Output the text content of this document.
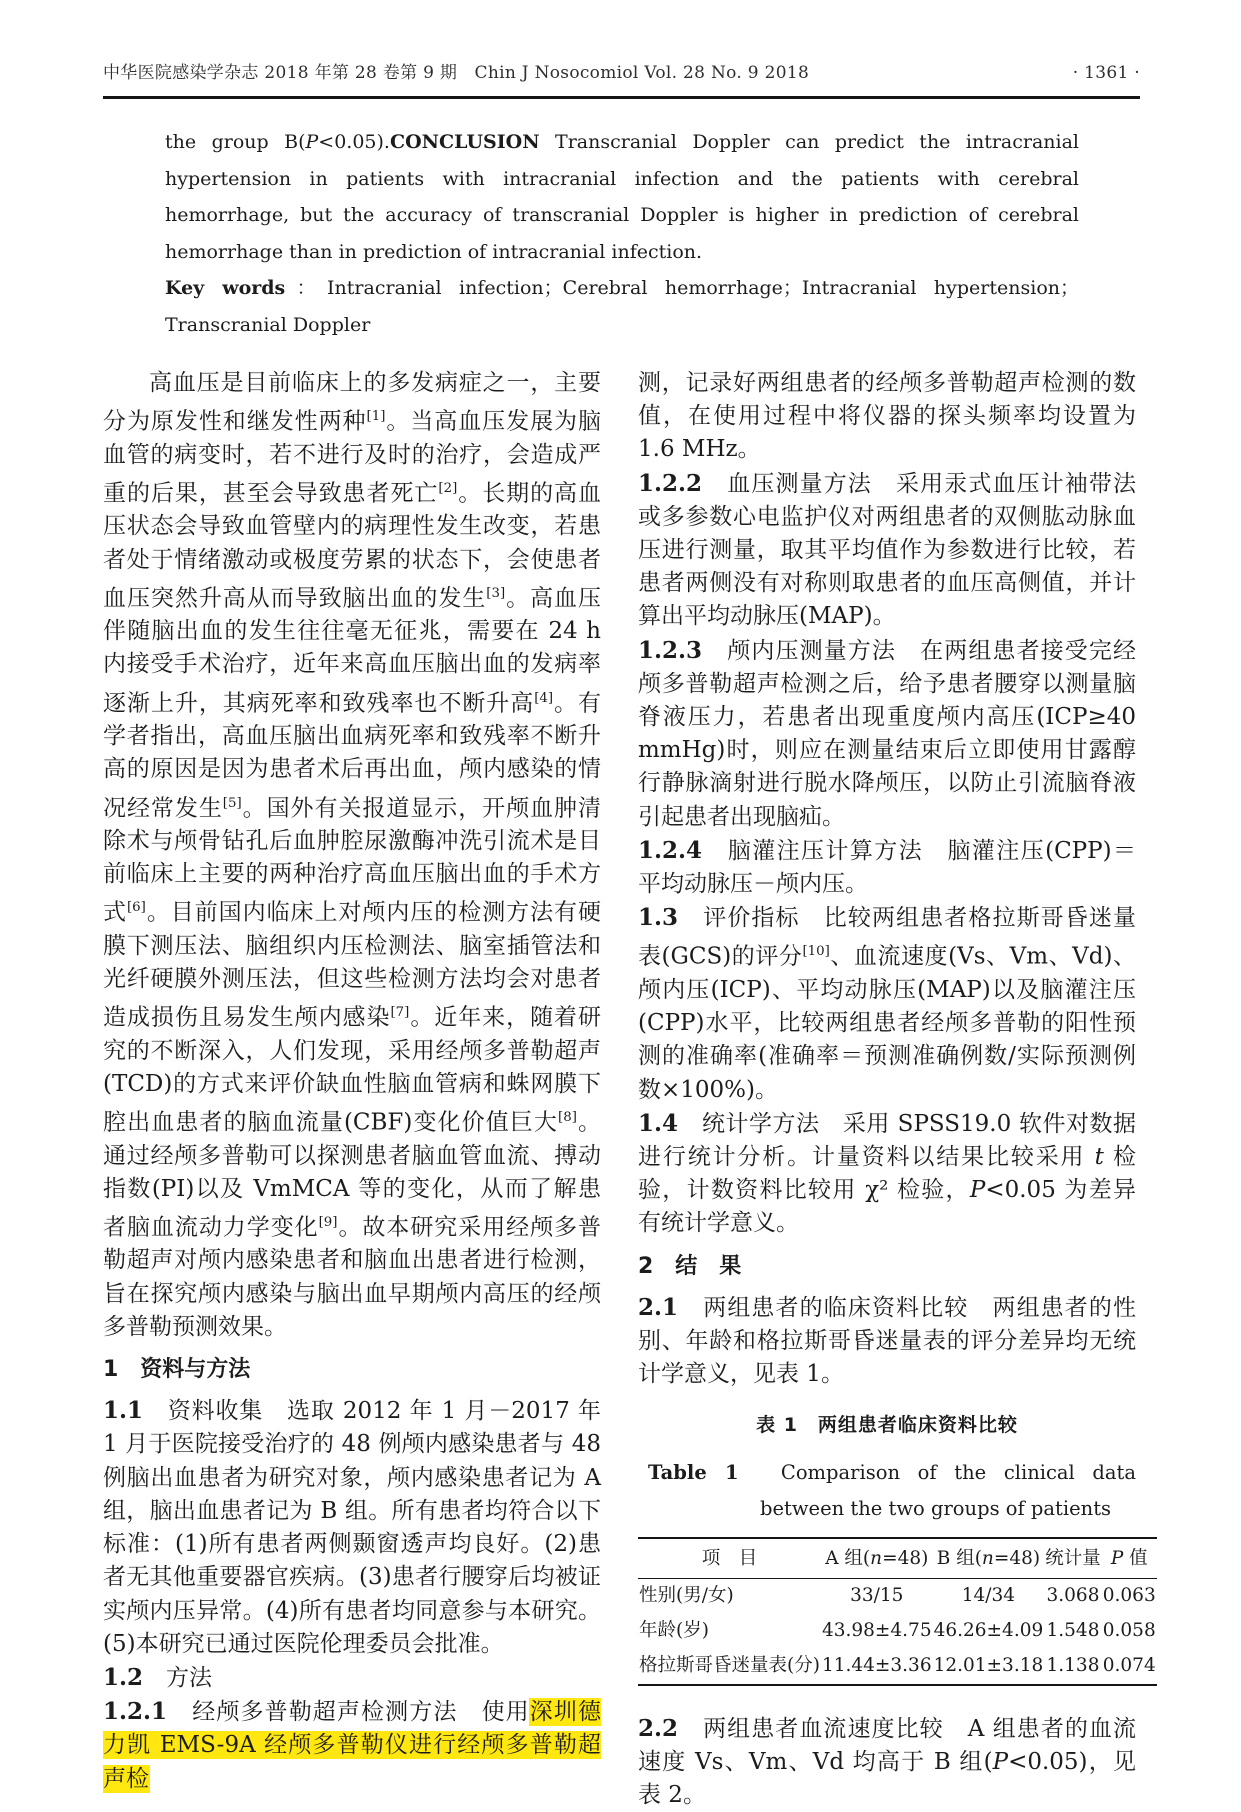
中华医院感染学杂志 2018 年第 28 卷第 9 期　Chin J Nosocomiol Vol. 28 No. 9 2018	· 1361 ·

the group B(P<0.05).CONCLUSION Transcranial Doppler can predict the intracranial hypertension in patients with intracranial infection and the patients with cerebral hemorrhage, but the accuracy of transcranial Doppler is higher in prediction of cerebral hemorrhage than in prediction of intracranial infection.

Key words：Intracranial infection；Cerebral hemorrhage；Intracranial hypertension；Transcranial Doppler

高血压是目前临床上的多发病症之一，主要分为原发性和继发性两种[1]。当高血压发展为脑血管的病变时，若不进行及时的治疗，会造成严重的后果，甚至会导致患者死亡[2]。长期的高血压状态会导致血管壁内的病理性发生改变，若患者处于情绪激动或极度劳累的状态下，会使患者血压突然升高从而导致脑出血的发生[3]。高血压伴随脑出血的发生往往毫无征兆，需要在 24 h 内接受手术治疗，近年来高血压脑出血的发病率逐渐上升，其病死率和致残率也不断升高[4]。有学者指出，高血压脑出血病死率和致残率不断升高的原因是因为患者术后再出血，颅内感染的情况经常发生[5]。国外有关报道显示，开颅血肿清除术与颅骨钻孔后血肿腔尿激酶冲洗引流术是目前临床上主要的两种治疗高血压脑出血的手术方式[6]。目前国内临床上对颅内压的检测方法有硬膜下测压法、脑组织内压检测法、脑室插管法和光纤硬膜外测压法，但这些检测方法均会对患者造成损伤且易发生颅内感染[7]。近年来，随着研究的不断深入，人们发现，采用经颅多普勒超声(TCD)的方式来评价缺血性脑血管病和蛛网膜下腔出血患者的脑血流量(CBF)变化价值巨大[8]。通过经颅多普勒可以探测患者脑血管血流、搏动指数(PI)以及 VmMCA 等的变化，从而了解患者脑血流动力学变化[9]。故本研究采用经颅多普勒超声对颅内感染患者和脑血出患者进行检测，旨在探究颅内感染与脑出血早期颅内高压的经颅多普勒预测效果。

1　资料与方法

1.1　资料收集　选取 2012 年 1 月－2017 年 1 月于医院接受治疗的 48 例颅内感染患者与 48 例脑出血患者为研究对象，颅内感染患者记为 A 组，脑出血患者记为 B 组。所有患者均符合以下标准：(1)所有患者两侧颞窗透声均良好。(2)患者无其他重要器官疾病。(3)患者行腰穿后均被证实颅内压异常。(4)所有患者均同意参与本研究。(5)本研究已通过医院伦理委员会批准。

1.2　方法

1.2.1　经颅多普勒超声检测方法　使用深圳德力凯 EMS-9A 经颅多普勒仪进行经颅多普勒超声检

测，记录好两组患者的经颅多普勒超声检测的数值，在使用过程中将仪器的探头频率均设置为 1.6 MHz。

1.2.2　血压测量方法　采用汞式血压计袖带法或多参数心电监护仪对两组患者的双侧肱动脉血压进行测量，取其平均值作为参数进行比较，若患者两侧没有对称则取患者的血压高侧值，并计算出平均动脉压(MAP)。

1.2.3　颅内压测量方法　在两组患者接受完经颅多普勒超声检测之后，给予患者腰穿以测量脑脊液压力，若患者出现重度颅内高压(ICP≥40 mmHg)时，则应在测量结束后立即使用甘露醇行静脉滴射进行脱水降颅压，以防止引流脑脊液引起患者出现脑疝。

1.2.4　脑灌注压计算方法　脑灌注压(CPP)＝平均动脉压－颅内压。

1.3　评价指标　比较两组患者格拉斯哥昏迷量表(GCS)的评分[10]、血流速度(Vs、Vm、Vd)、颅内压(ICP)、平均动脉压(MAP)以及脑灌注压(CPP)水平，比较两组患者经颅多普勒的阳性预测的准确率(准确率＝预测准确例数/实际预测例数×100%)。

1.4　统计学方法　采用 SPSS19.0 软件对数据进行统计分析。计量资料以结果比较采用 t 检验，计数资料比较用 χ² 检验，P<0.05 为差异有统计学意义。

2　结　果

2.1　两组患者的临床资料比较　两组患者的性别、年龄和格拉斯哥昏迷量表的评分差异均无统计学意义，见表 1。

表 1　两组患者临床资料比较

Table 1　Comparison of the clinical data between the two groups of patients

项　目	A 组(n=48)	B 组(n=48)	统计量	P 值
性别(男/女)	33/15	14/34	3.068	0.063
年龄(岁)	43.98±4.75	46.26±4.09	1.548	0.058
格拉斯哥昏迷量表(分)	11.44±3.36	12.01±3.18	1.138	0.074

2.2　两组患者血流速度比较　A 组患者的血流速度 Vs、Vm、Vd 均高于 B 组(P<0.05)，见表 2。
